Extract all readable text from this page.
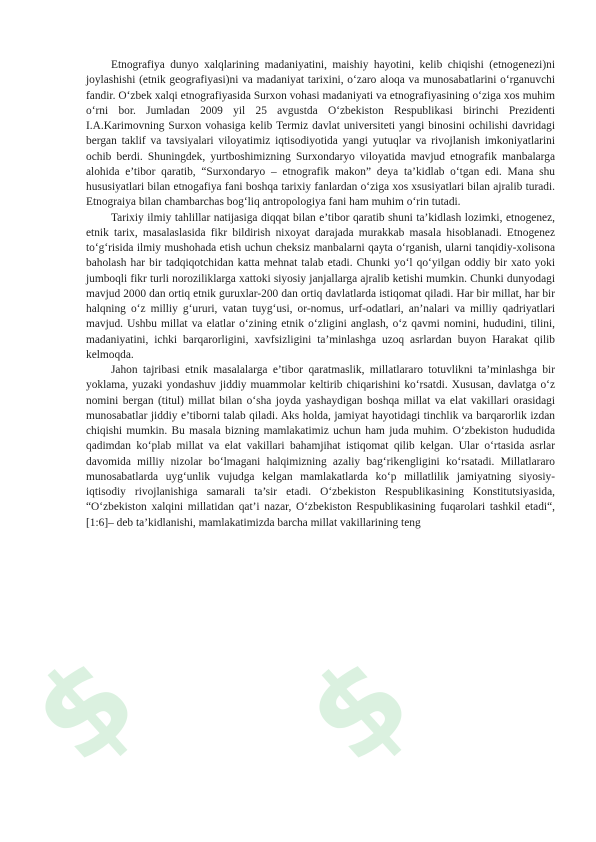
$ $

Etnografiya dunyo xalqlarining madaniyatini, maishiy hayotini, kelib chiqishi (etnogenezi)ni joylashishi (etnik geografiyasi)ni va madaniyat tarixini, o‘zaro aloqa va munosabatlarini o‘rganuvchi fandir. O‘zbek xalqi etnografiyasida Surxon vohasi madaniyati va etnografiyasining o‘ziga xos muhim o‘rni bor. Jumladan 2009 yil 25 avgustda O‘zbekiston Respublikasi birinchi Prezidenti I.A.Karimovning Surxon vohasiga kelib Termiz davlat universiteti yangi binosini ochilishi davridagi bergan taklif va tavsiyalari viloyatimiz iqtisodiyotida yangi yutuqlar va rivojlanish imkoniyatlarini ochib berdi. Shuningdek, yurtboshimizning Surxondaryo viloyatida mavjud etnografik manbalarga alohida e’tibor qaratib, “Surxondaryo – etnografik makon” deya ta’kidlab o‘tgan edi. Mana shu hususiyatlari bilan etnogafiya fani boshqa tarixiy fanlardan o‘ziga xos xsusiyatlari bilan ajralib turadi. Etnograiya bilan chambarchas bog‘liq antropologiya fani ham muhim o‘rin tutadi.

Tarixiy ilmiy tahlillar natijasiga diqqat bilan e’tibor qaratib shuni ta’kidlash lozimki, etnogenez, etnik tarix, masalaslasida fikr bildirish nixoyat darajada murakkab masala hisoblanadi. Etnogenez to‘g‘risida ilmiy mushohada etish uchun cheksiz manbalarni qayta o‘rganish, ularni tanqidiy-xolisona baholash har bir tadqiqotchidan katta mehnat talab etadi. Chunki yo‘l qo‘yilgan oddiy bir xato yoki jumboqli fikr turli noroziliklarga xattoki siyosiy janjallarga ajralib ketishi mumkin. Chunki dunyodagi mavjud 2000 dan ortiq etnik guruxlar-200 dan ortiq davlatlarda istiqomat qiladi. Har bir millat, har bir halqning o‘z milliy g‘ururi, vatan tuyg‘usi, or-nomus, urf-odatlari, an’nalari va milliy qadriyatlari mavjud. Ushbu millat va elatlar o‘zining etnik o‘zligini anglash, o‘z qavmi nomini, hududini, tilini, madaniyatini, ichki barqarorligini, xavfsizligini ta’minlashga uzoq asrlardan buyon Harakat qilib kelmoqda.

Jahon tajribasi etnik masalalarga e’tibor qaratmaslik, millatlararo totuvlikni ta’minlashga bir yoklama, yuzaki yondashuv jiddiy muammolar keltirib chiqarishini ko‘rsatdi. Xususan, davlatga o‘z nomini bergan (titul) millat bilan o‘sha joyda yashaydigan boshqa millat va elat vakillari orasidagi munosabatlar jiddiy e’tiborni talab qiladi. Aks holda, jamiyat hayotidagi tinchlik va barqarorlik izdan chiqishi mumkin. Bu masala bizning mamlakatimiz uchun ham juda muhim. O‘zbekiston hududida qadimdan ko‘plab millat va elat vakillari bahamjihat istiqomat qilib kelgan. Ular o‘rtasida asrlar davomida milliy nizolar bo‘lmagani halqimizning azaliy bag‘rikengligini ko‘rsatadi. Millatlararo munosabatlarda uyg‘unlik vujudga kelgan mamlakatlarda ko‘p millatlilik jamiyatning siyosiy-iqtisodiy rivojlanishiga samarali ta’sir etadi. O‘zbekiston Respublikasining Konstitutsiyasida, “O‘zbekiston xalqini millatidan qat’i nazar, O‘zbekiston Respublikasining fuqarolari tashkil etadi“,[1:6]– deb ta’kidlanishi, mamlakatimizda barcha millat vakillarining teng
